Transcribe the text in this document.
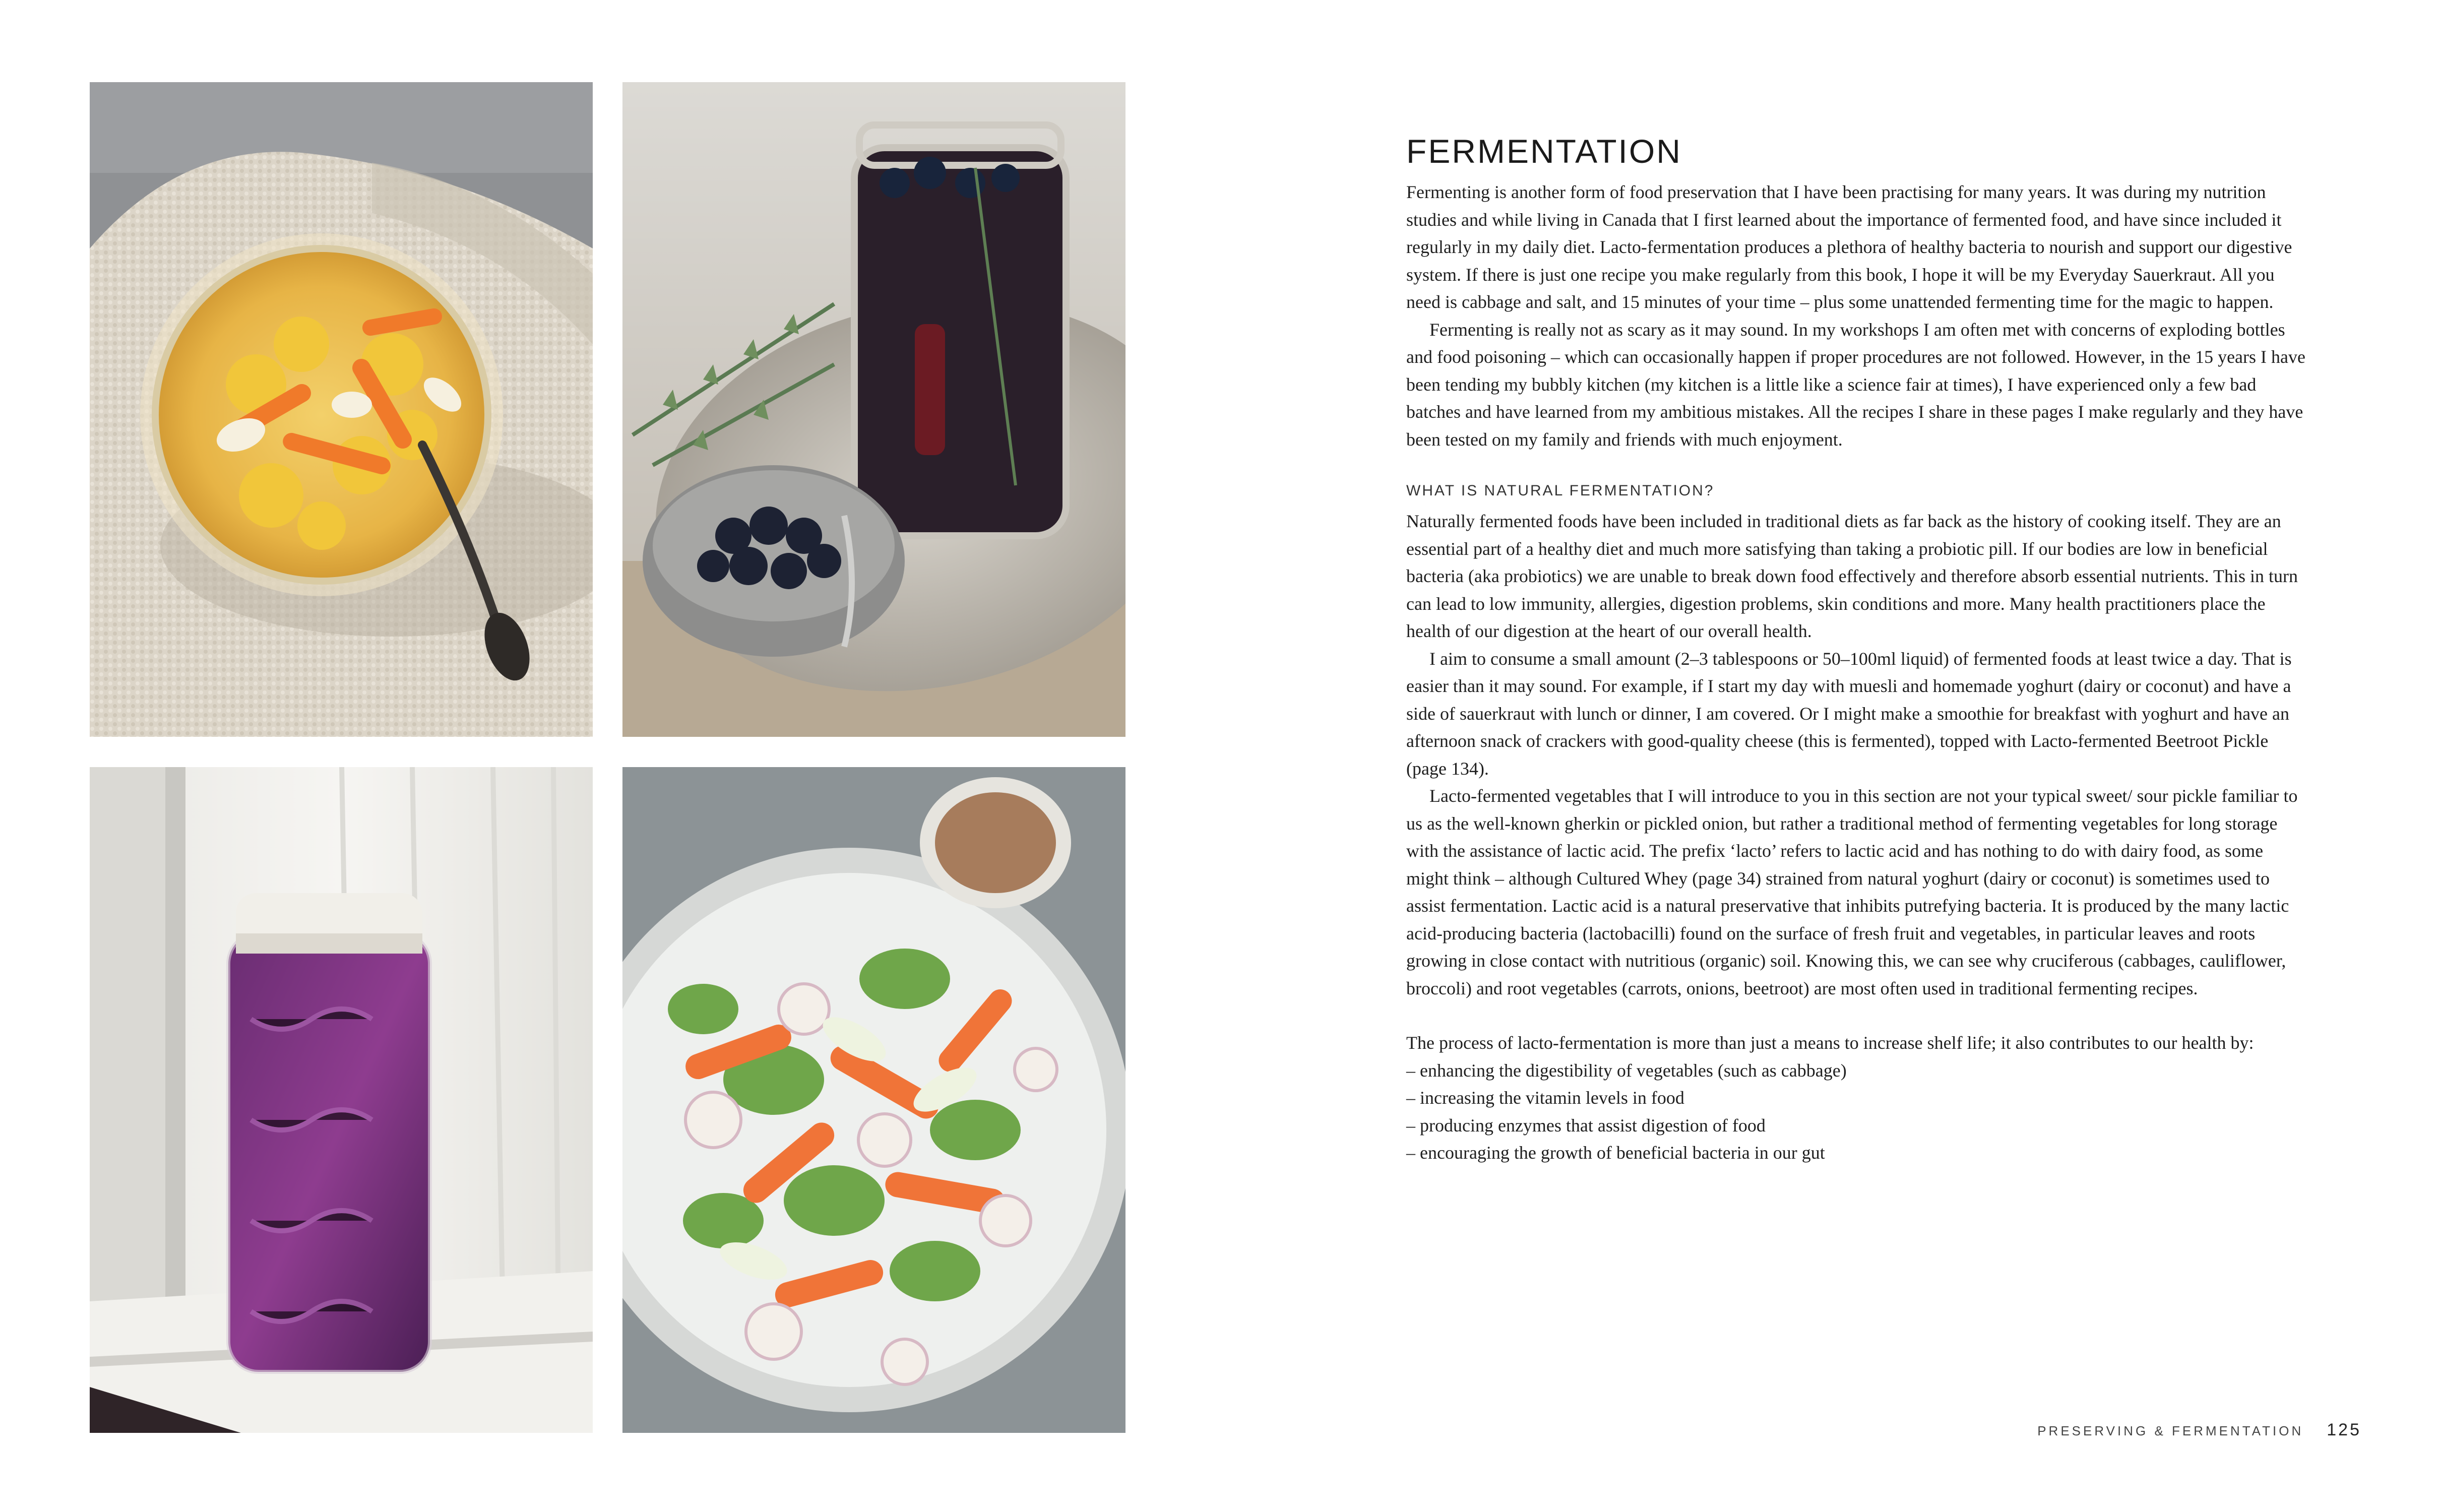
FERMENTATION

Fermenting is another form of food preservation that I have been practising for many years. It was during my nutrition studies and while living in Canada that I first learned about the importance of fermented food, and have since included it regularly in my daily diet. Lacto-fermentation produces a plethora of healthy bacteria to nourish and support our digestive system. If there is just one recipe you make regularly from this book, I hope it will be my Everyday Sauerkraut. All you need is cabbage and salt, and 15 minutes of your time – plus some unattended fermenting time for the magic to happen.

Fermenting is really not as scary as it may sound. In my workshops I am often met with concerns of exploding bottles and food poisoning – which can occasionally happen if proper procedures are not followed. However, in the 15 years I have been tending my bubbly kitchen (my kitchen is a little like a science fair at times), I have experienced only a few bad batches and have learned from my ambitious mistakes. All the recipes I share in these pages I make regularly and they have been tested on my family and friends with much enjoyment.

WHAT IS NATURAL FERMENTATION?

Naturally fermented foods have been included in traditional diets as far back as the history of cooking itself. They are an essential part of a healthy diet and much more satisfying than taking a probiotic pill. If our bodies are low in beneficial bacteria (aka probiotics) we are unable to break down food effectively and therefore absorb essential nutrients. This in turn can lead to low immunity, allergies, digestion problems, skin conditions and more. Many health practitioners place the health of our digestion at the heart of our overall health.

I aim to consume a small amount (2–3 tablespoons or 50–100ml liquid) of fermented foods at least twice a day. That is easier than it may sound. For example, if I start my day with muesli and homemade yoghurt (dairy or coconut) and have a side of sauerkraut with lunch or dinner, I am covered. Or I might make a smoothie for breakfast with yoghurt and have an afternoon snack of crackers with good-quality cheese (this is fermented), topped with Lacto-fermented Beetroot Pickle (page 134).

Lacto-fermented vegetables that I will introduce to you in this section are not your typical sweet/ sour pickle familiar to us as the well-known gherkin or pickled onion, but rather a traditional method of fermenting vegetables for long storage with the assistance of lactic acid. The prefix ‘lacto’ refers to lactic acid and has nothing to do with dairy food, as some might think – although Cultured Whey (page 34) strained from natural yoghurt (dairy or coconut) is sometimes used to assist fermentation. Lactic acid is a natural preservative that inhibits putrefying bacteria. It is produced by the many lactic acid-producing bacteria (lactobacilli) found on the surface of fresh fruit and vegetables, in particular leaves and roots growing in close contact with nutritious (organic) soil. Knowing this, we can see why cruciferous (cabbages, cauliflower, broccoli) and root vegetables (carrots, onions, beetroot) are most often used in traditional fermenting recipes.

The process of lacto-fermentation is more than just a means to increase shelf life; it also contributes to our health by:

– enhancing the digestibility of vegetables (such as cabbage)
– increasing the vitamin levels in food
– producing enzymes that assist digestion of food
– encouraging the growth of beneficial bacteria in our gut
PRESERVING & FERMENTATION 125
